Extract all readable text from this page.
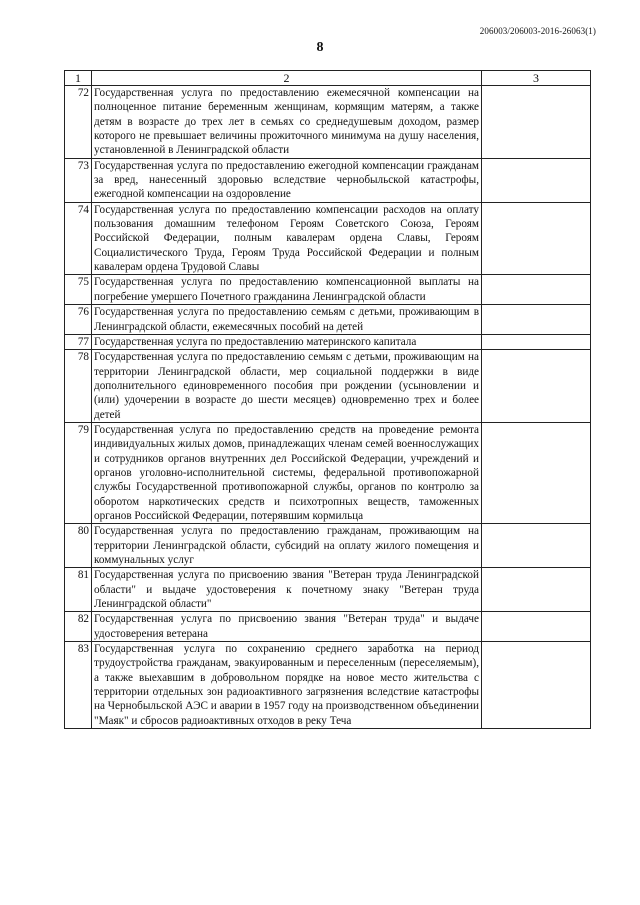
206003/206003-2016-26063(1)
8
1	2	3
72	Государственная услуга по предоставлению ежемесячной компенсации на полноценное питание беременным женщинам, кормящим матерям, а также детям в возрасте до трех лет в семьях со среднедушевым доходом, размер которого не превышает величины прожиточного минимума на душу населения, установленной в Ленинградской области	
73	Государственная услуга по предоставлению ежегодной компенсации гражданам за вред, нанесенный здоровью вследствие чернобыльской катастрофы, ежегодной компенсации на оздоровление	
74	Государственная услуга по предоставлению компенсации расходов на оплату пользования домашним телефоном Героям Советского Союза, Героям Российской Федерации, полным кавалерам ордена Славы, Героям Социалистического Труда, Героям Труда Российской Федерации и полным кавалерам ордена Трудовой Славы	
75	Государственная услуга по предоставлению компенсационной выплаты на погребение умершего Почетного гражданина Ленинградской области	
76	Государственная услуга по предоставлению семьям с детьми, проживающим в Ленинградской области, ежемесячных пособий на детей	
77	Государственная услуга по предоставлению материнского капитала	
78	Государственная услуга по предоставлению семьям с детьми, проживающим на территории Ленинградской области, мер социальной поддержки в виде дополнительного единовременного пособия при рождении (усыновлении и (или) удочерении в возрасте до шести месяцев) одновременно трех и более детей	
79	Государственная услуга по предоставлению средств на проведение ремонта индивидуальных жилых домов, принадлежащих членам семей военнослужащих и сотрудников органов внутренних дел Российской Федерации, учреждений и органов уголовно-исполнительной системы, федеральной противопожарной службы Государственной противопожарной службы, органов по контролю за оборотом наркотических средств и психотропных веществ, таможенных органов Российской Федерации, потерявшим кормильца	
80	Государственная услуга по предоставлению гражданам, проживающим на территории Ленинградской области, субсидий на оплату жилого помещения и коммунальных услуг	
81	Государственная услуга по присвоению звания "Ветеран труда Ленинградской области" и выдаче удостоверения к почетному знаку "Ветеран труда Ленинградской области"	
82	Государственная услуга по присвоению звания "Ветеран труда" и выдаче удостоверения ветерана	
83	Государственная услуга по сохранению среднего заработка на период трудоустройства гражданам, эвакуированным и переселенным (переселяемым), а также выехавшим в добровольном порядке на новое место жительства с территории отдельных зон радиоактивного загрязнения вследствие катастрофы на Чернобыльской АЭС и аварии в 1957 году на производственном объединении "Маяк" и сбросов радиоактивных отходов в реку Теча	
